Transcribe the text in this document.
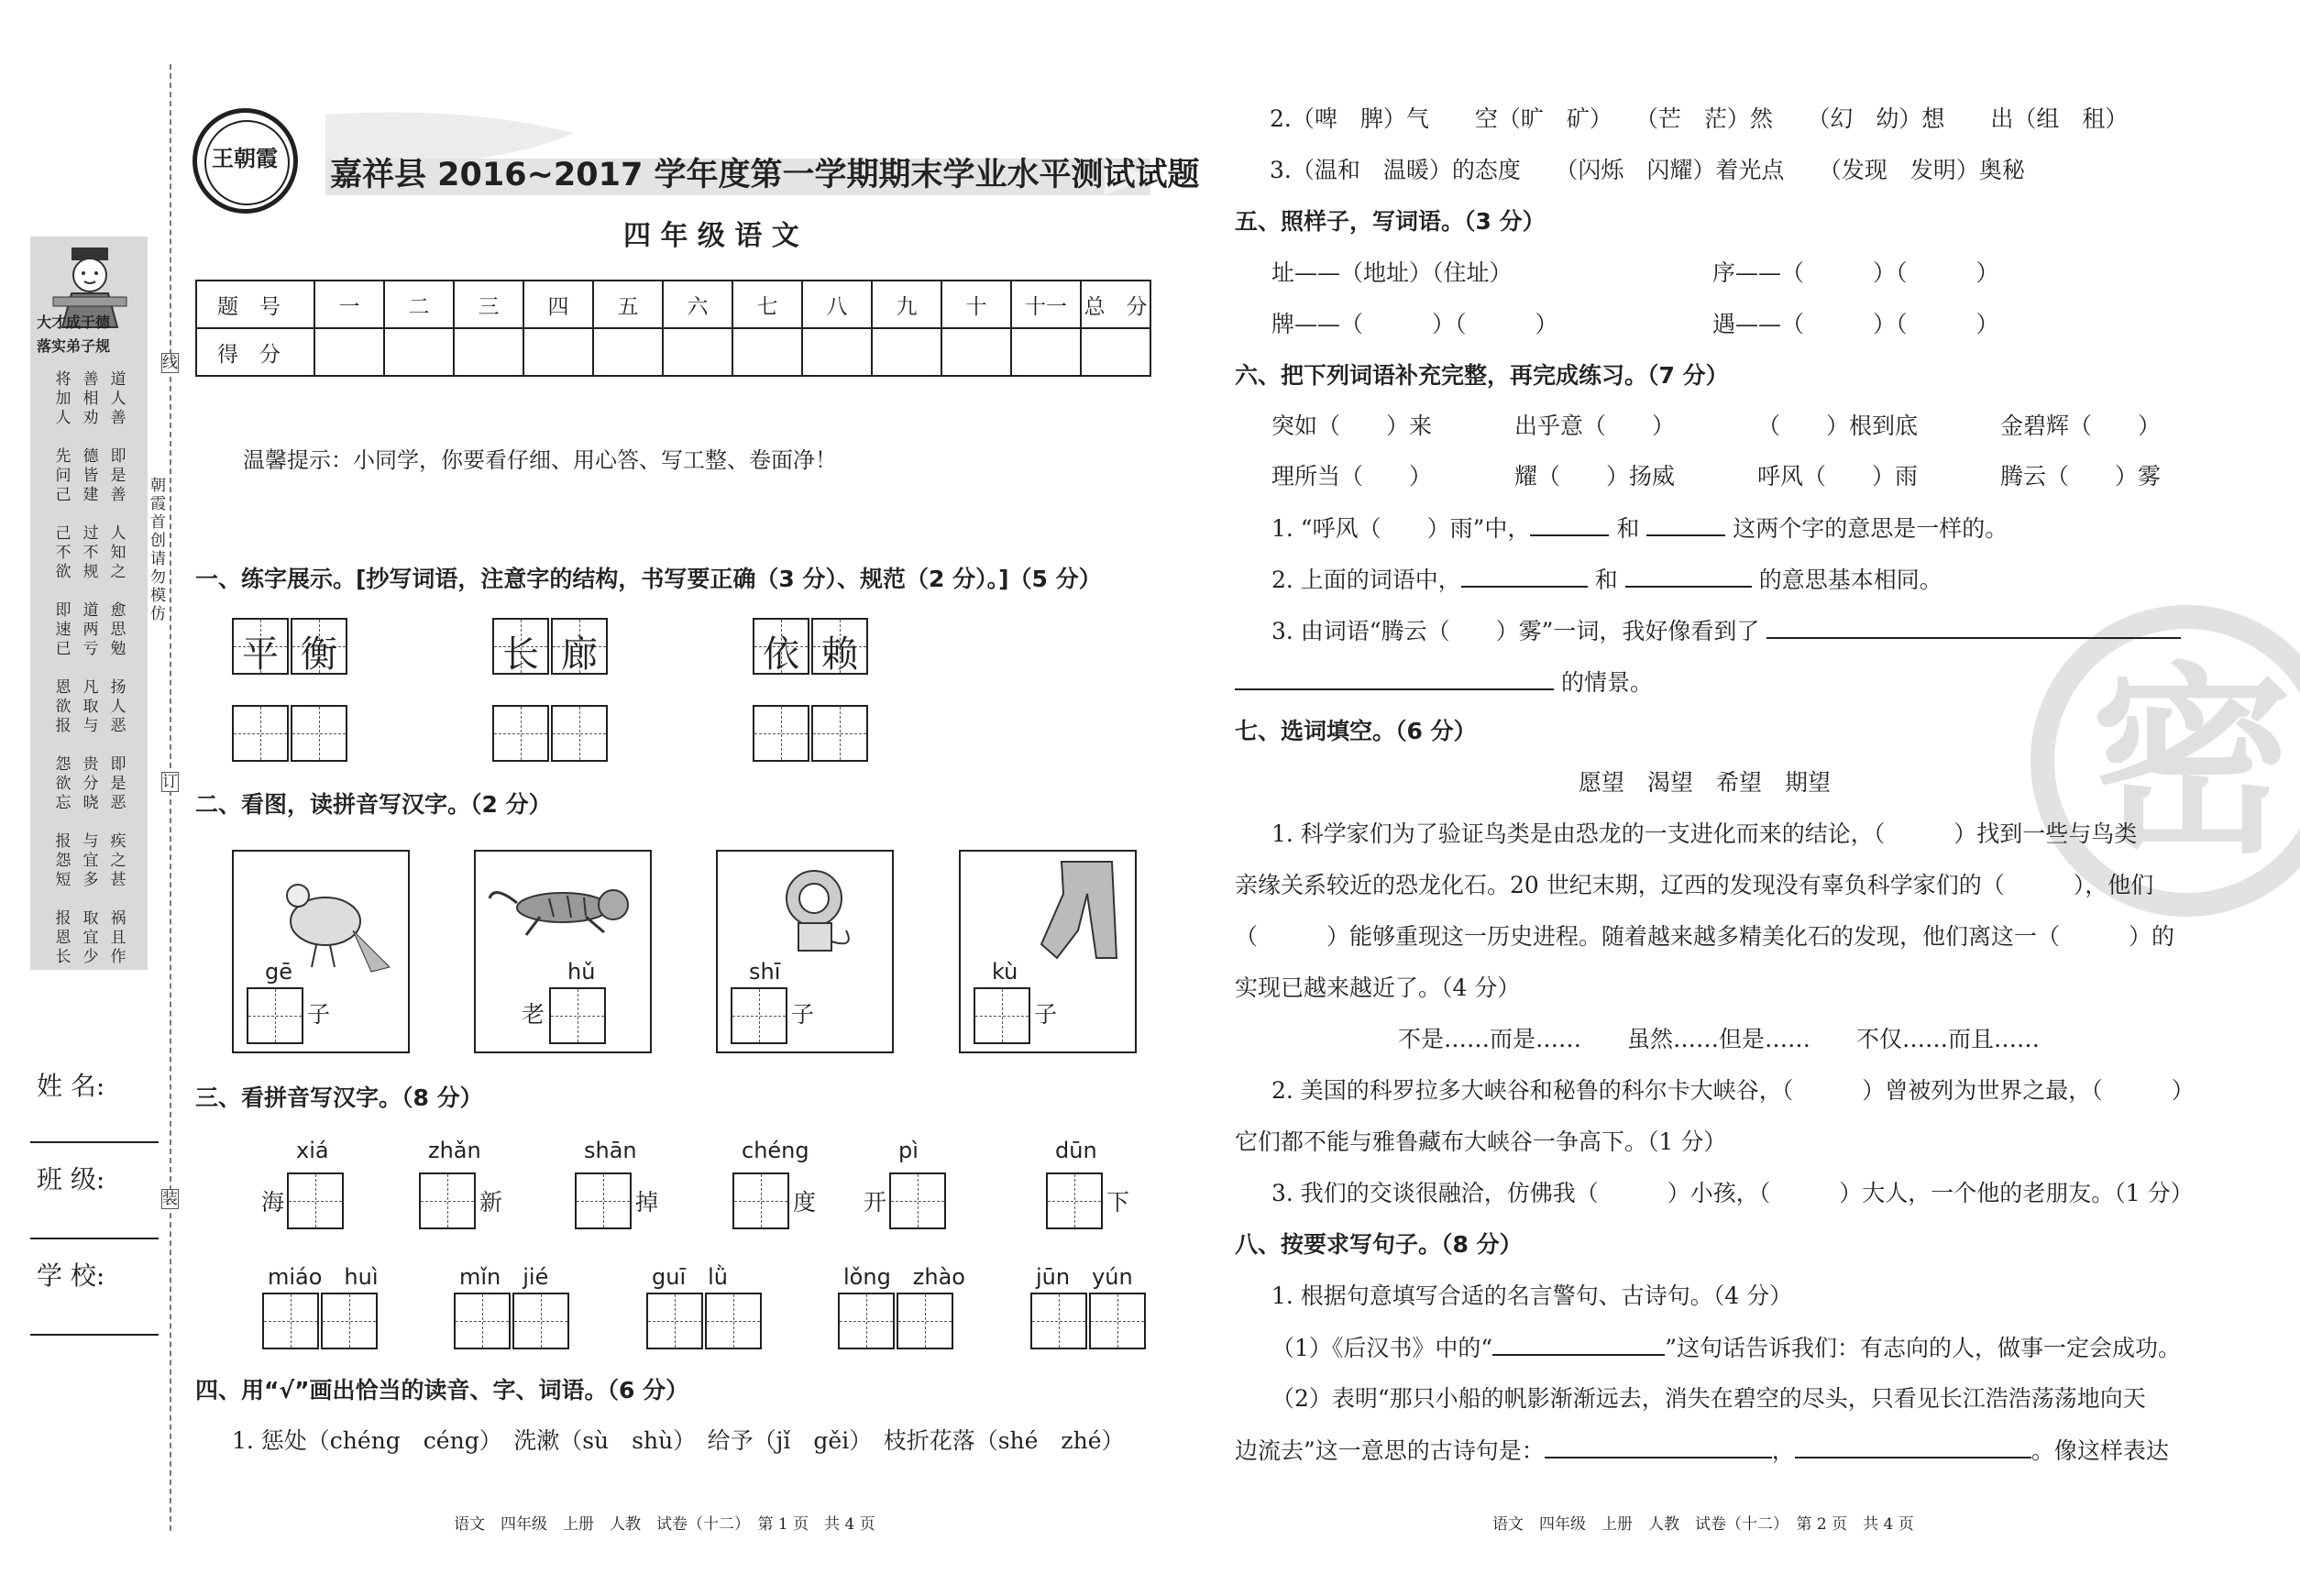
大才成于德
落实弟子规
将加人
善相劝
道人善
先问己
德皆建
即是善
己不欲
过不规
人知之
即速已
道两亏
愈思勉
恩欲报
凡取与
扬人恶
怨欲忘
贵分晓
即是恶
报怨短
与宜多
疾之甚
报恩长
取宜少
祸且作
朝霞首创　请勿模仿
线
订
装
姓 名:
班 级:
学 校:
王朝霞 嘉祥县 2016~2017 学年度第一学期期末学业水平测试试题
四 年 级 语 文
题　号	一	二	三	四	五	六	七	八	九	十	十一	总　分
得　分												
温馨提示：小同学，你要看仔细、用心答、写工整、卷面净！
一、练字展示。[抄写词语，注意字的结构，书写要正确（3 分）、规范（2 分）。]（5 分）
平 衡	长 廊	依 赖
二、看图，读拼音写汉字。（2 分）
gē
子
hǔ
老
shī
子
kù
子
三、看拼音写汉字。（8 分）
xiá
海
zhǎn
新
shān
掉
chéng
度
pì
开
dūn
下
miáo　huì	mǐn　jié	guī　lǜ	lǒng　zhào	jūn　yún
四、用“√”画出恰当的读音、字、词语。（6 分）
1. 惩处（chéng　céng）　洗漱（sù　shù）　给予（jǐ　gěi）　枝折花落（shé　zhé）
语文　四年级　上册　人教　试卷（十二）　第 1 页　共 4 页
密
2.（啤　脾）气　　空（旷　矿）　　（芒　茫）然　　（幻　幼）想　　出（组　租）
3.（温和　温暖）的态度　　（闪烁　闪耀）着光点　　（发现　发明）奥秘
五、照样子，写词语。（3 分）
址——（地址）（住址）	序——（　　　）（　　　）
牌——（　　　）（　　　）	遇——（　　　）（　　　）
六、把下列词语补充完整，再完成练习。（7 分）
突如（　　）来	出乎意（　　）	（　　）根到底	金碧辉（　　）
理所当（　　）	耀（　　）扬威	呼风（　　）雨	腾云（　　）雾
1. “呼风（　　）雨”中，	和	这两个字的意思是一样的。
2. 上面的词语中，	和	的意思基本相同。
3. 由词语“腾云（　　）雾”一词，我好像看到了
的情景。
七、选词填空。（6 分）
愿望　渴望　希望　期望
1. 科学家们为了验证鸟类是由恐龙的一支进化而来的结论，（　　　）找到一些与鸟类
亲缘关系较近的恐龙化石。20 世纪末期，辽西的发现没有辜负科学家们的（　　　），他们
（　　　）能够重现这一历史进程。随着越来越多精美化石的发现，他们离这一（　　　）的
实现已越来越近了。（4 分）
不是……而是……　　虽然……但是……　　不仅……而且……
2. 美国的科罗拉多大峡谷和秘鲁的科尔卡大峡谷，（　　　）曾被列为世界之最，（　　　）
它们都不能与雅鲁藏布大峡谷一争高下。（1 分）
3. 我们的交谈很融洽，仿佛我（　　　）小孩，（　　　）大人，一个他的老朋友。（1 分）
八、按要求写句子。（8 分）
1. 根据句意填写合适的名言警句、古诗句。（4 分）
（1）《后汉书》中的“	”这句话告诉我们：有志向的人，做事一定会成功。
（2）表明“那只小船的帆影渐渐远去，消失在碧空的尽头，只看见长江浩浩荡荡地向天
边流去”这一意思的古诗句是：	，	。像这样表达
语文　四年级　上册　人教　试卷（十二）　第 2 页　共 4 页
